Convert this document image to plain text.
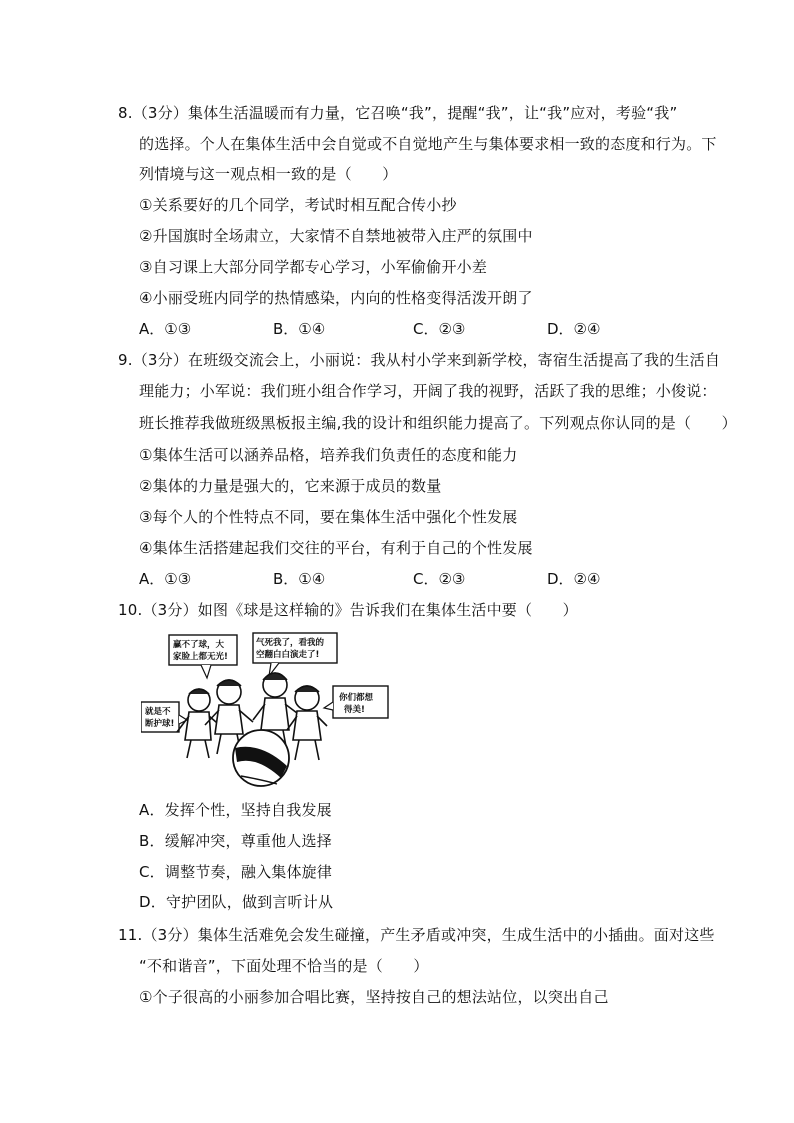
8.（3分）集体生活温暖而有力量，它召唤“我”，提醒“我”，让“我”应对，考验“我”
的选择。个人在集体生活中会自觉或不自觉地产生与集体要求相一致的态度和行为。下
列情境与这一观点相一致的是（　　）
①关系要好的几个同学，考试时相互配合传小抄
②升国旗时全场肃立，大家情不自禁地被带入庄严的氛围中
③自习课上大部分同学都专心学习，小军偷偷开小差
④小丽受班内同学的热情感染，内向的性格变得活泼开朗了
A．①③	B．①④	C．②③	D．②④
9.（3分）在班级交流会上，小丽说：我从村小学来到新学校，寄宿生活提高了我的生活自
理能力；小军说：我们班小组合作学习，开阔了我的视野，活跃了我的思维；小俊说：
班长推荐我做班级黑板报主编,我的设计和组织能力提高了。下列观点你认同的是（　　）
①集体生活可以涵养品格，培养我们负责任的态度和能力
②集体的力量是强大的，它来源于成员的数量
③每个人的个性特点不同，要在集体生活中强化个性发展
④集体生活搭建起我们交往的平台，有利于自己的个性发展
A．①③	B．①④	C．②③	D．②④
10.（3分）如图《球是这样输的》告诉我们在集体生活中要（　　）
赢不了球，大
家脸上都无光!
气死我了，看我的
空翻白白演走了!
你们都想
得美!
就是不
断护球!
A．发挥个性，坚持自我发展
B．缓解冲突，尊重他人选择
C．调整节奏，融入集体旋律
D．守护团队，做到言听计从
11.（3分）集体生活难免会发生碰撞，产生矛盾或冲突，生成生活中的小插曲。面对这些
“不和谐音”，下面处理不恰当的是（　　）
①个子很高的小丽参加合唱比赛，坚持按自己的想法站位，以突出自己
